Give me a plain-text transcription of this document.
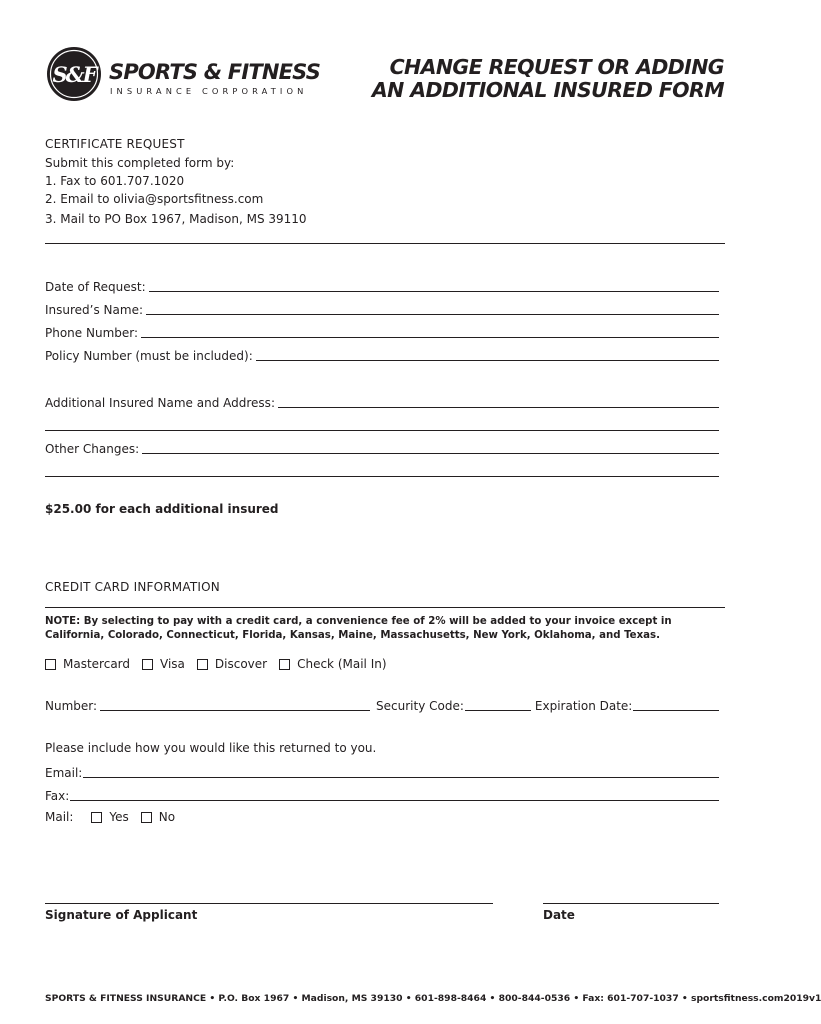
S&F SPORTS & FITNESS
INSURANCE CORPORATION
CHANGE REQUEST OR ADDING
AN ADDITIONAL INSURED FORM
CERTIFICATE REQUEST
Submit this completed form by:
1. Fax to 601.707.1020
2. Email to olivia@sportsfitness.com
3. Mail to PO Box 1967, Madison, MS 39110
Date of Request:
Insured’s Name:
Phone Number:
Policy Number (must be included):
Additional Insured Name and Address:
Other Changes:
$25.00 for each additional insured
CREDIT CARD INFORMATION
NOTE: By selecting to pay with a credit card, a convenience fee of 2% will be added to your invoice except in California, Colorado, Connecticut, Florida, Kansas, Maine, Massachusetts, New York, Oklahoma, and Texas.
Mastercard	Visa	Discover	Check (Mail In)
Number:	Security Code:	Expiration Date:
Please include how you would like this returned to you.
Email:
Fax:
Mail:	Yes	No
Signature of Applicant	Date
SPORTS & FITNESS INSURANCE • P.O. Box 1967 • Madison, MS 39130 • 601-898-8464 • 800-844-0536 • Fax: 601-707-1037 • sportsfitness.com 2019v1
